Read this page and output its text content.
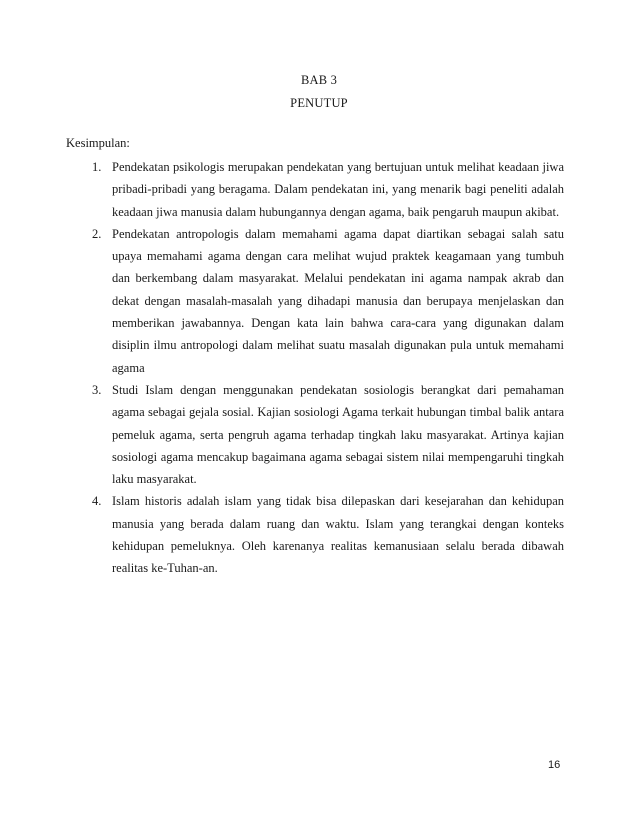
BAB 3
PENUTUP
Kesimpulan:
1. Pendekatan psikologis merupakan pendekatan yang bertujuan untuk melihat keadaan jiwa pribadi-pribadi yang beragama. Dalam pendekatan ini, yang menarik bagi peneliti adalah keadaan jiwa manusia dalam hubungannya dengan agama, baik pengaruh maupun akibat.
2. Pendekatan antropologis dalam memahami agama dapat diartikan sebagai salah satu upaya memahami agama dengan cara melihat wujud praktek keagamaan yang tumbuh dan berkembang dalam masyarakat. Melalui pendekatan ini agama nampak akrab dan dekat dengan masalah-masalah yang dihadapi manusia dan berupaya menjelaskan dan memberikan jawabannya. Dengan kata lain bahwa cara-cara yang digunakan dalam disiplin ilmu antropologi dalam melihat suatu masalah digunakan pula untuk memahami agama
3. Studi Islam dengan menggunakan pendekatan sosiologis berangkat dari pemahaman agama sebagai gejala sosial. Kajian sosiologi Agama terkait hubungan timbal balik antara pemeluk agama, serta pengruh agama terhadap tingkah laku masyarakat. Artinya kajian sosiologi agama mencakup bagaimana agama sebagai sistem nilai mempengaruhi tingkah laku masyarakat.
4. Islam historis adalah islam yang tidak bisa dilepaskan dari kesejarahan dan kehidupan manusia yang berada dalam ruang dan waktu. Islam yang terangkai dengan konteks kehidupan pemeluknya. Oleh karenanya realitas kemanusiaan selalu berada dibawah realitas ke-Tuhan-an.
16
